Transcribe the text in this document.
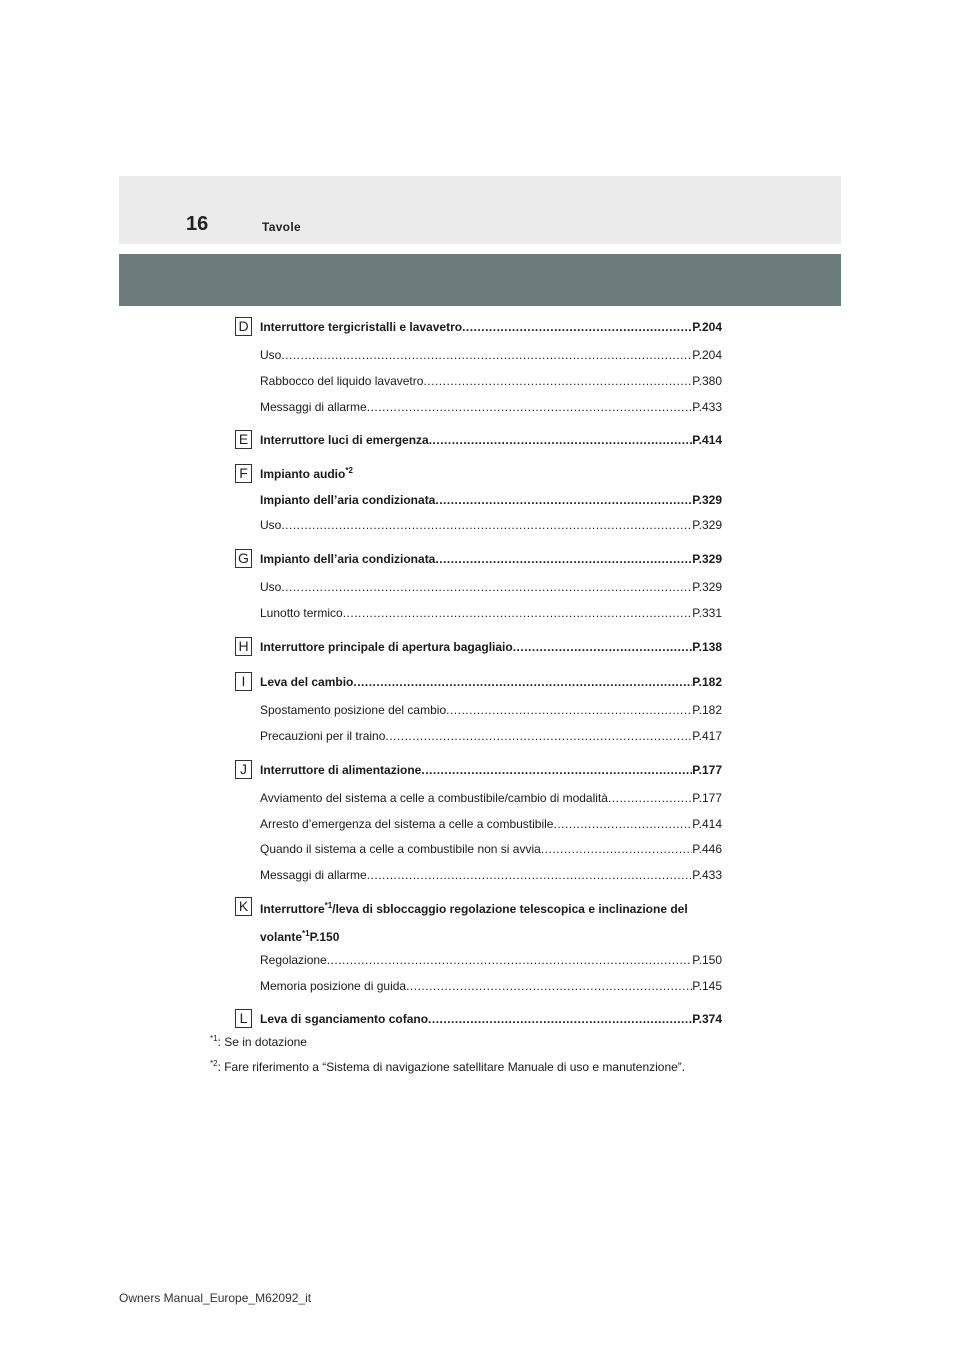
16	Tavole
D Interruttore tergicristalli e lavavetro .....	P.204
Uso .....	P.204
Rabbocco del liquido lavavetro .....	P.380
Messaggi di allarme .....	P.433
E Interruttore luci di emergenza .....	P.414
F	Impianto audio$^{*2}$
Impianto dell’aria condizionata .....	P.329
Uso .....	P.329
G Impianto dell’aria condizionata .....	P.329
Uso .....	P.329
Lunotto termico .....	P.331
H Interruttore principale di apertura bagagliaio .....	P.138
I	Leva del cambio .....	P.182
Spostamento posizione del cambio .....	P.182
Precauzioni per il traino .....	P.417
J	Interruttore di alimentazione .....	P.177
Avviamento del sistema a celle a combustibile/cambio di modalità .....	P.177
Arresto d’emergenza del sistema a celle a combustibile .....	P.414
Quando il sistema a celle a combustibile non si avvia .....	P.446
Messaggi di allarme .....	P.433
K Interruttore$^{*1}$/leva di sbloccaggio regolazione telescopica e inclinazione del
volante$^{*1}$P.150
Regolazione .....	P.150
Memoria posizione di guida .....	P.145
L	Leva di sganciamento cofano .....	P.374
$^{*1}$: Se in dotazione
$^{*2}$: Fare riferimento a “Sistema di navigazione satellitare Manuale di uso e manutenzione”.
Owners Manual_Europe_M62092_it
